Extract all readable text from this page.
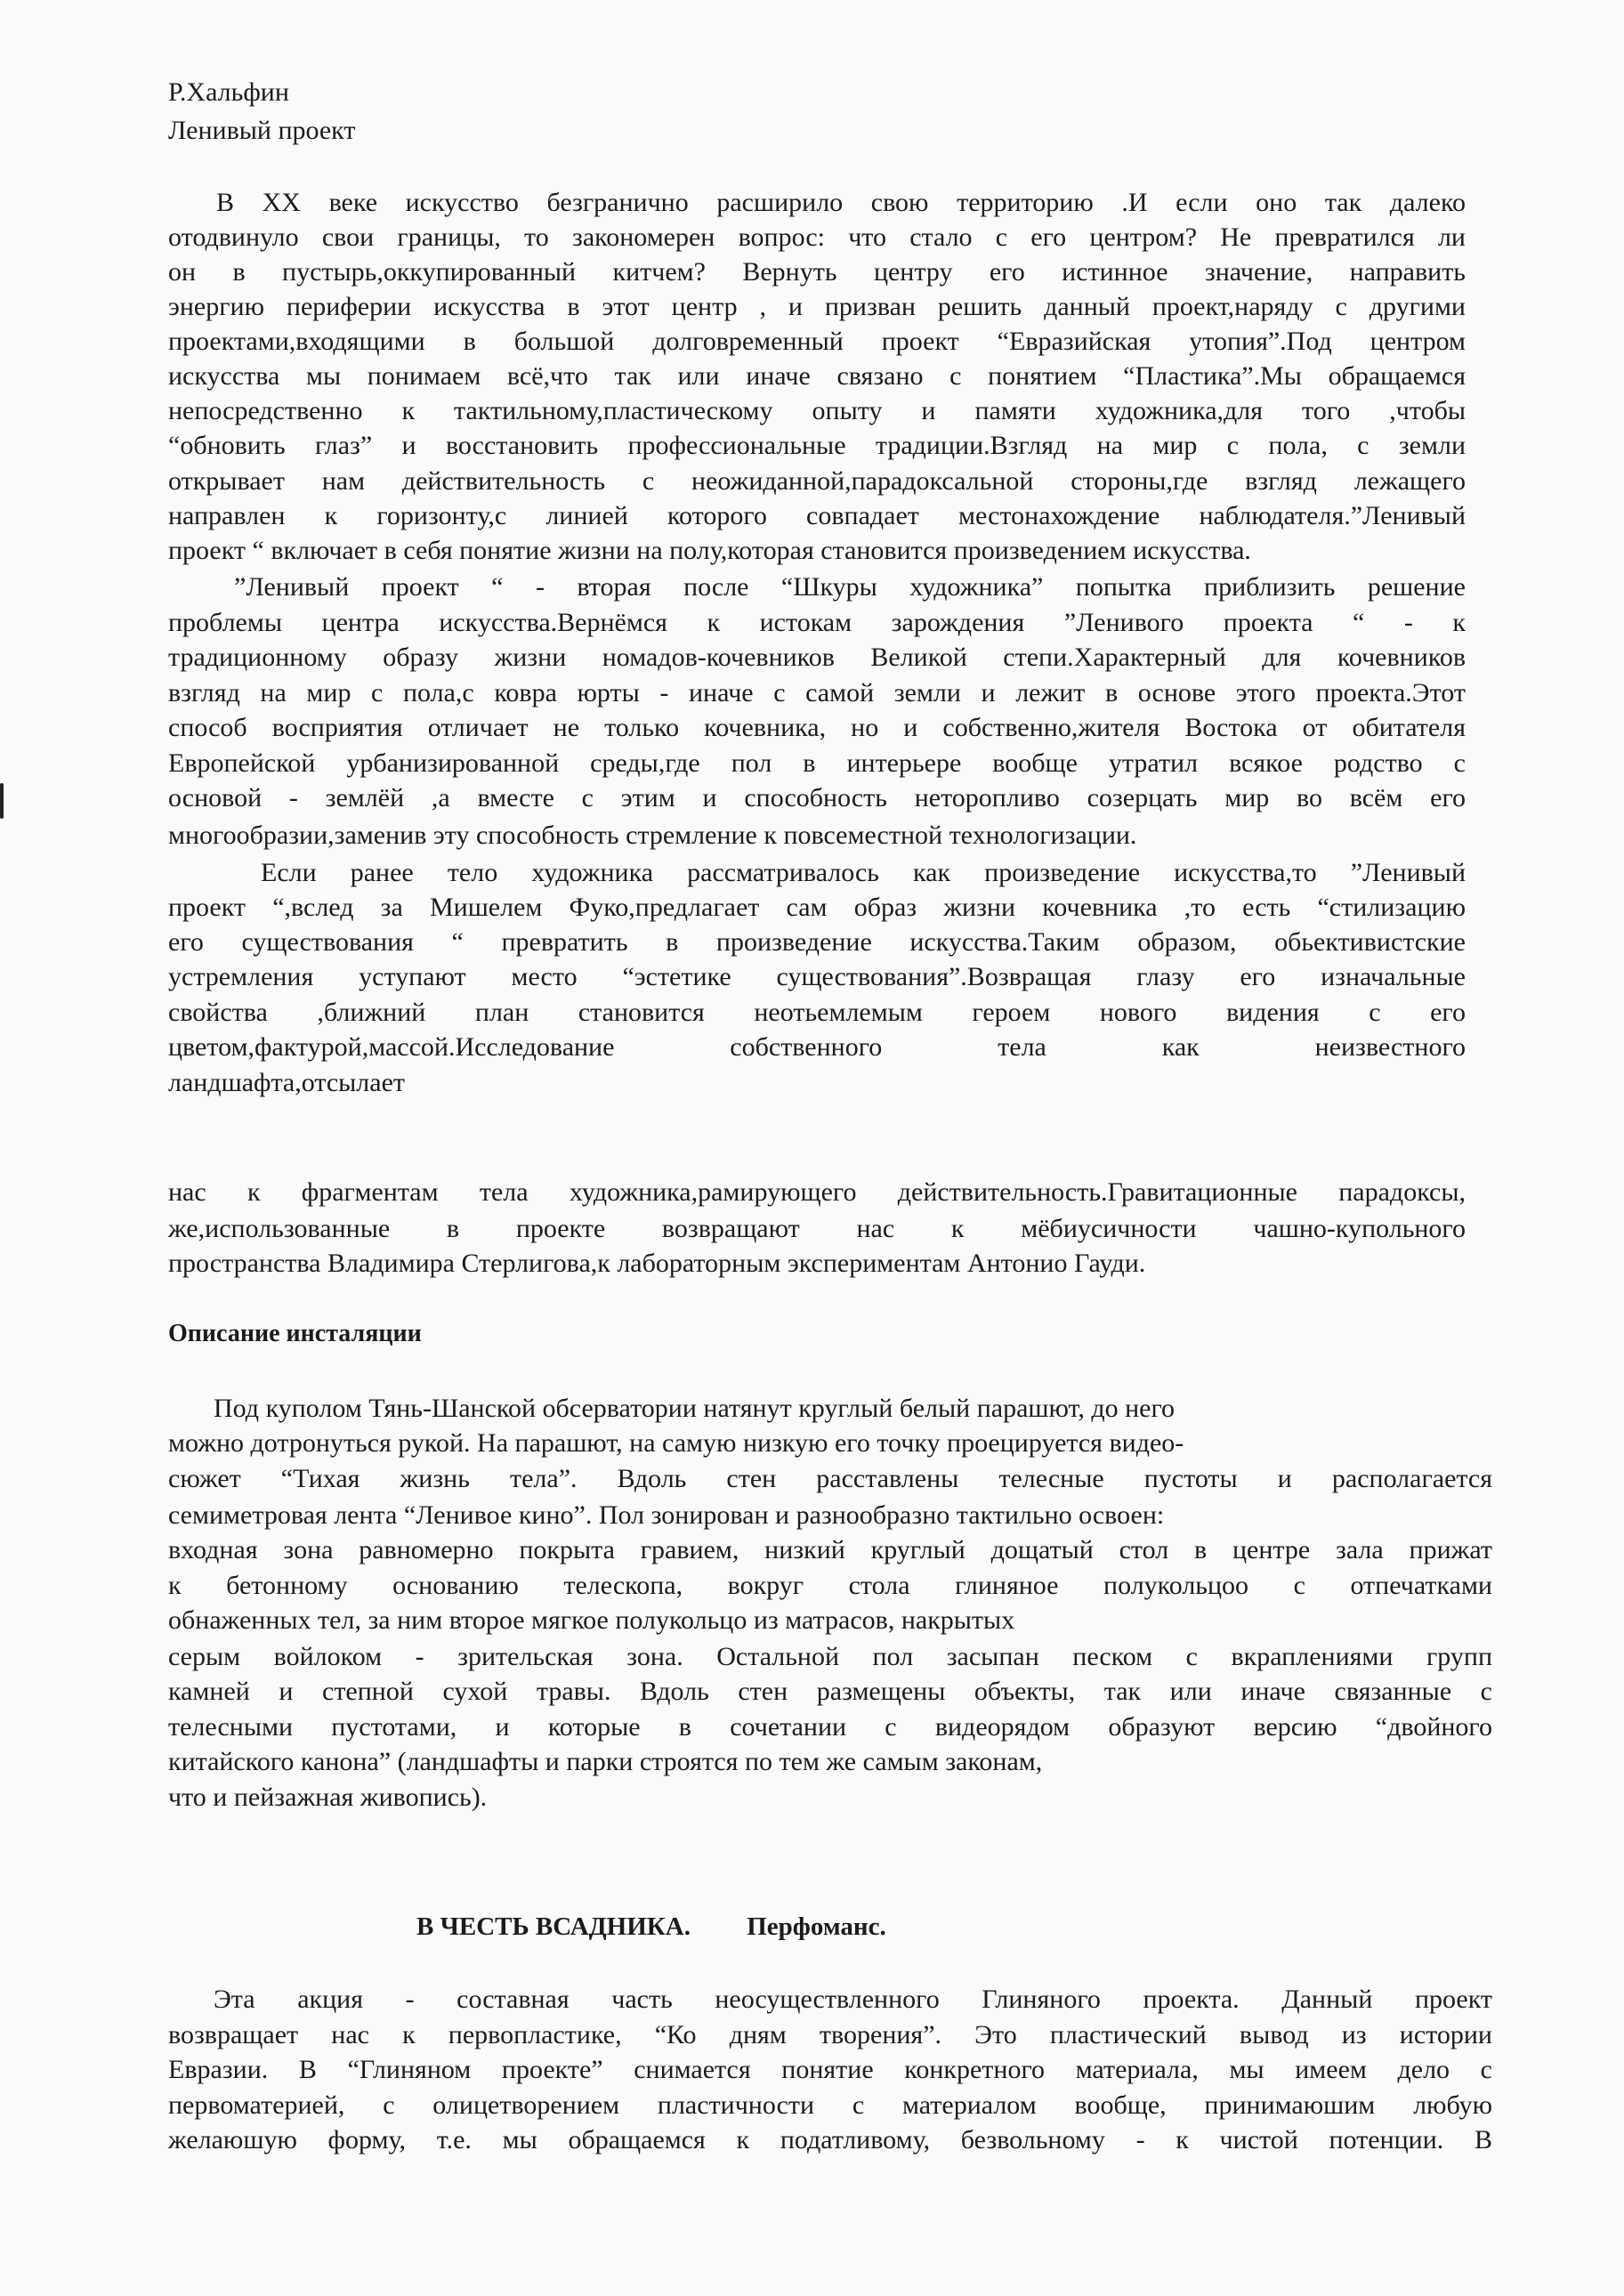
Р.Хальфин
Ленивый проект
В XX веке искусство безгранично расширило свою территорию .И если оно так далеко
отодвинуло свои границы, то закономерен вопрос: что стало с его центром? Не превратился ли
он в пустырь,оккупированный китчем? Вернуть центру его истинное значение, направить
энергию периферии искусства в этот центр , и призван решить данный проект,наряду с другими
проектами,входящими в большой долговременный проект “Евразийская утопия”.Под центром
искусства мы понимаем всё,что так или иначе связано с понятием “Пластика”.Мы обращаемся
непосредственно к тактильному,пластическому опыту и памяти художника,для того ,чтобы
“обновить глаз” и восстановить профессиональные традиции.Взгляд на мир с пола, с земли
открывает нам действительность с неожиданной,парадоксальной стороны,где взгляд лежащего
направлен к горизонту,с линией которого совпадает местонахождение наблюдателя.”Ленивый
проект “ включает в себя понятие жизни на полу,которая становится произведением искусства.
”Ленивый проект “ - вторая после “Шкуры художника” попытка приблизить решение
проблемы центра искусства.Вернёмся к истокам зарождения ”Ленивого проекта “ - к
традиционному образу жизни номадов-кочевников Великой степи.Характерный для кочевников
взгляд на мир с пола,с ковра юрты - иначе с самой земли и лежит в основе этого проекта.Этот
способ восприятия отличает не только кочевника, но и собственно,жителя Востока от обитателя
Европейской урбанизированной среды,где пол в интерьере вообще утратил всякое родство с
основой - землёй ,а вместе с этим и способность неторопливо созерцать мир во всём его
многообразии,заменив эту способность стремление к повсеместной технологизации.
Если ранее тело художника рассматривалось как произведение искусства,то ”Ленивый
проект “,вслед за Мишелем Фуко,предлагает сам образ жизни кочевника ,то есть “стилизацию
его существования “ превратить в произведение искусства.Таким образом, обьективистские
устремления уступают место “эстетике существования”.Возвращая глазу его изначальные
свойства ,ближний план становится неотьемлемым героем нового видения с его
цветом,фактурой,массой.Исследование собственного тела как неизвестного
ландшафта,отсылает
нас к фрагментам тела художника,рамирующего действительность.Гравитационные парадоксы,
же,использованные в проекте возвращают нас к мёбиусичности чашно-купольного
пространства Владимира Стерлигова,к лабораторным экспериментам Антонио Гауди.
Описание инсталяции
Под куполом Тянь-Шанской обсерватории натянут круглый белый парашют, до него
можно дотронуться рукой. На парашют, на самую низкую его точку проецируется видео-
сюжет “Тихая жизнь тела”. Вдоль стен расставлены телесные пустоты и располагается
семиметровая лента “Ленивое кино”. Пол зонирован и разнообразно тактильно освоен:
входная зона равномерно покрыта гравием, низкий круглый дощатый стол в центре зала прижат
к бетонному основанию телескопа, вокруг стола глиняное полукольцоо с отпечатками
обнаженных тел, за ним второе мягкое полукольцо из матрасов, накрытых
серым войлоком - зрительская зона. Остальной пол засыпан песком с вкраплениями групп
камней и степной сухой травы. Вдоль стен размещены объекты, так или иначе связанные с
телесными пустотами, и которые в сочетании с видеорядом образуют версию “двойного
китайского канона” (ландшафты и парки строятся по тем же самым законам,
что и пейзажная живопись).
В ЧЕСТЬ ВСАДНИКА. Перфоманс.
Эта акция - составная часть неосуществленного Глиняного проекта. Данный проект
возвращает нас к первопластике, “Ко дням творения”. Это пластический вывод из истории
Евразии. В “Глиняном проекте” снимается понятие конкретного материала, мы имеем дело с
первоматерией, с олицетворением пластичности с материалом вообще, принимаюшим любую
желаюшую форму, т.е. мы обращаемся к податливому, безвольному - к чистой потенции. В
